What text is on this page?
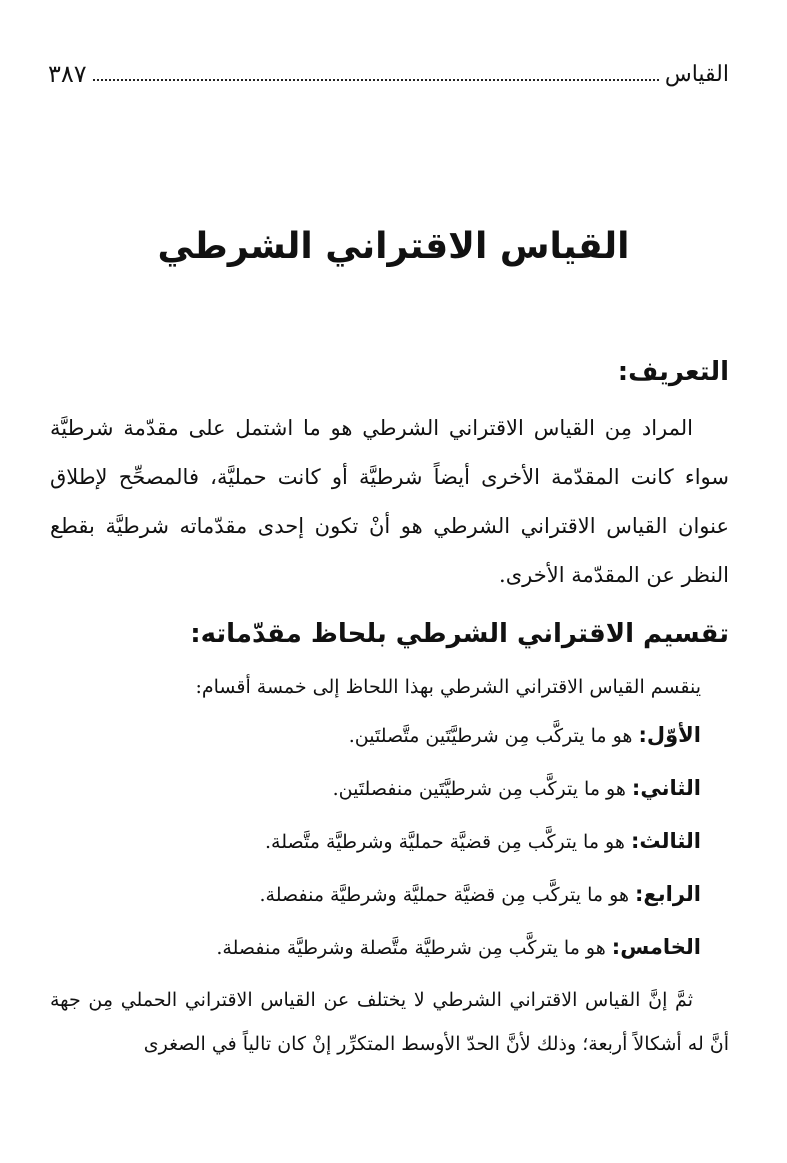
القياس
٣٨٧
القياس الاقتراني الشرطي
التعريف:

المراد مِن القياس الاقتراني الشرطي هو ما اشتمل على مقدّمة شرطيَّة سواء كانت المقدّمة الأخرى أيضاً شرطيَّة أو كانت حمليَّة، فالمصحِّح لإطلاق عنوان القياس الاقتراني الشرطي هو أنْ تكون إحدى مقدّماته شرطيَّة بقطع النظر عن المقدّمة الأخرى.

تقسيم الاقتراني الشرطي بلحاظ مقدّماته:

ينقسم القياس الاقتراني الشرطي بهذا اللحاظ إلى خمسة أقسام:

الأوّل: هو ما يتركَّب مِن شرطيَّتَين متَّصلتَين.
الثاني: هو ما يتركَّب مِن شرطيَّتَين منفصلتَين.
الثالث: هو ما يتركَّب مِن قضيَّة حمليَّة وشرطيَّة متَّصلة.
الرابع: هو ما يتركَّب مِن قضيَّة حمليَّة وشرطيَّة منفصلة.
الخامس: هو ما يتركَّب مِن شرطيَّة متَّصلة وشرطيَّة منفصلة.

ثمَّ إنَّ القياس الاقتراني الشرطي لا يختلف عن القياس الاقتراني الحملي مِن جهة أنَّ له أشكالاً أربعة؛ وذلك لأنَّ الحدّ الأوسط المتكرِّر إنْ كان تالياً في الصغرى
